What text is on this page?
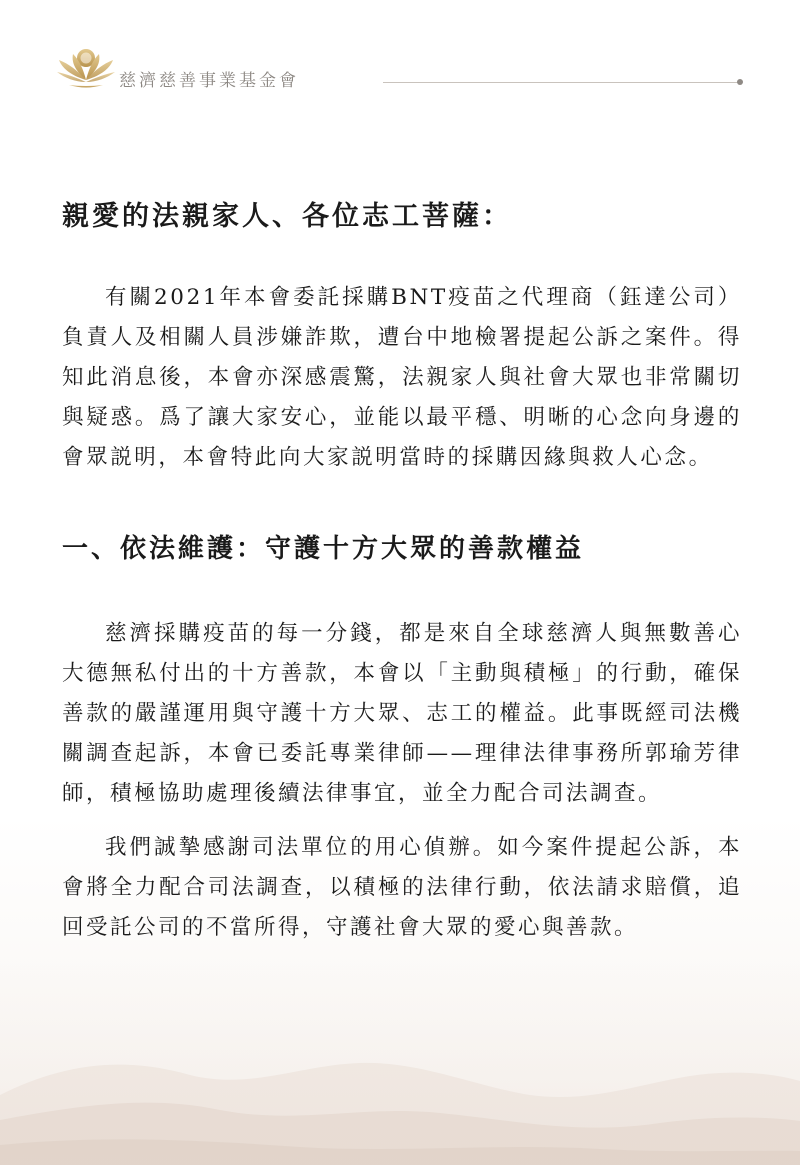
慈濟慈善事業基金會
親愛的法親家人、各位志工菩薩：

有關2021年本會委託採購BNT疫苗之代理商（鈺達公司）負責人及相關人員涉嫌詐欺，遭台中地檢署提起公訴之案件。得知此消息後，本會亦深感震驚，法親家人與社會大眾也非常關切與疑惑。爲了讓大家安心，並能以最平穩、明晰的心念向身邊的會眾説明，本會特此向大家説明當時的採購因緣與救人心念。

一、依法維護：守護十方大眾的善款權益

慈濟採購疫苗的每一分錢，都是來自全球慈濟人與無數善心大德無私付出的十方善款，本會以「主動與積極」的行動，確保善款的嚴謹運用與守護十方大眾、志工的權益。此事既經司法機關調查起訴，本會已委託專業律師——理律法律事務所郭瑜芳律師，積極協助處理後續法律事宜，並全力配合司法調查。

我們誠摯感謝司法單位的用心偵辦。如今案件提起公訴，本會將全力配合司法調查，以積極的法律行動，依法請求賠償，追回受託公司的不當所得，守護社會大眾的愛心與善款。
